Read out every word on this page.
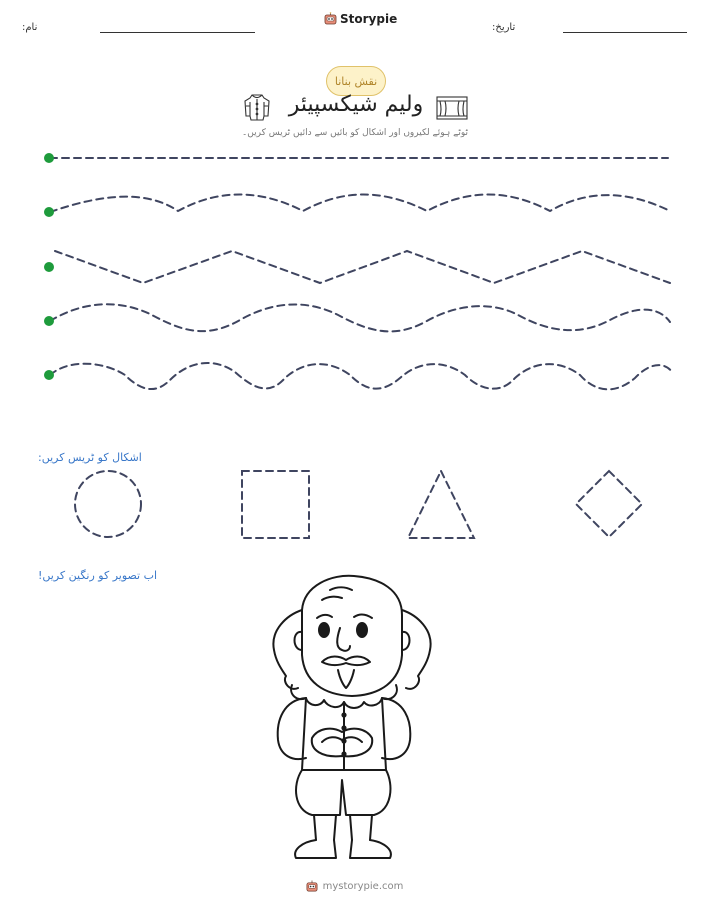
نام:
Storypie
تاریخ:
نقش بنانا
ولیم شیکسپیئر
ٹوٹے ہوئے لکیروں اور اشکال کو بائیں سے دائیں ٹریس کریں۔
اشکال کو ٹریس کریں:
اب تصویر کو رنگین کریں!
mystorypie.com
